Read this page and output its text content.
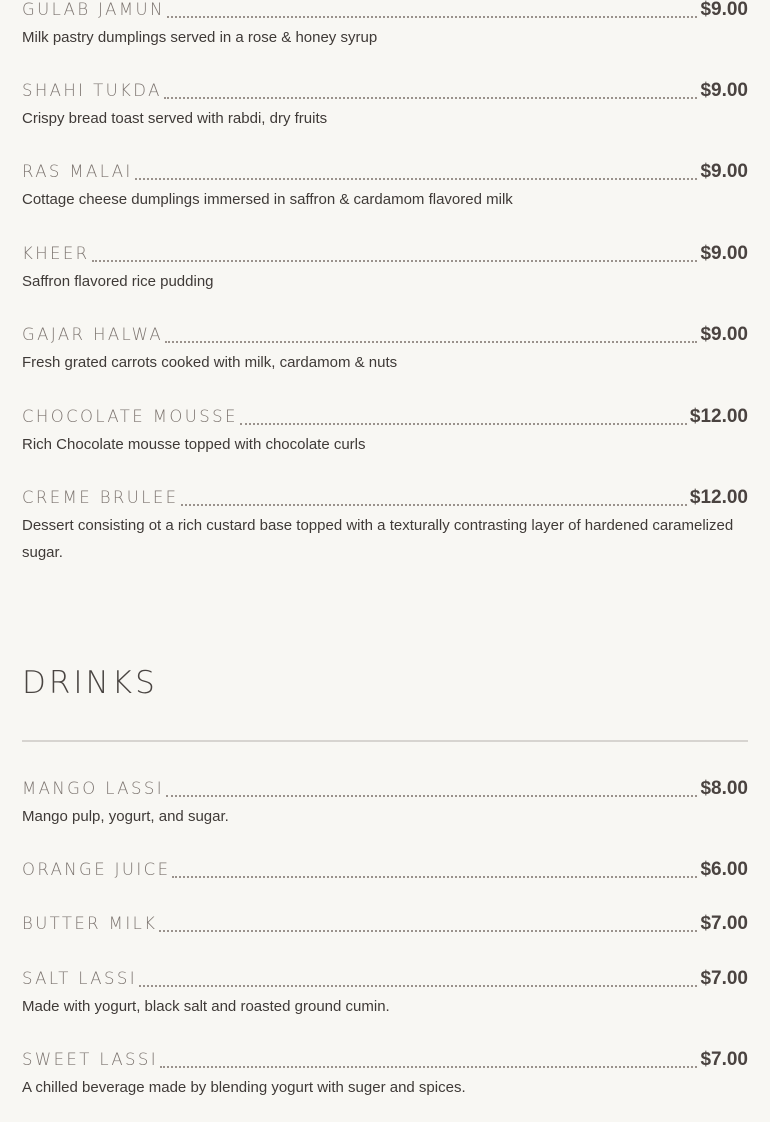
GULAB JAMUN	$9.00
Milk pastry dumplings served in a rose & honey syrup
SHAHI TUKDA	$9.00
Crispy bread toast served with rabdi, dry fruits
RAS MALAI	$9.00
Cottage cheese dumplings immersed in saffron & cardamom flavored milk
KHEER	$9.00
Saffron flavored rice pudding
GAJAR HALWA	$9.00
Fresh grated carrots cooked with milk, cardamom & nuts
CHOCOLATE MOUSSE	$12.00
Rich Chocolate mousse topped with chocolate curls
CREME BRULEE	$12.00
Dessert consisting ot a rich custard base topped with a texturally contrasting layer of hardened caramelized sugar.
DRINKS
MANGO LASSI	$8.00
Mango pulp, yogurt, and sugar.
ORANGE JUICE	$6.00
BUTTER MILK	$7.00
SALT LASSI	$7.00
Made with yogurt, black salt and roasted ground cumin.
SWEET LASSI	$7.00
A chilled beverage made by blending yogurt with suger and spices.
